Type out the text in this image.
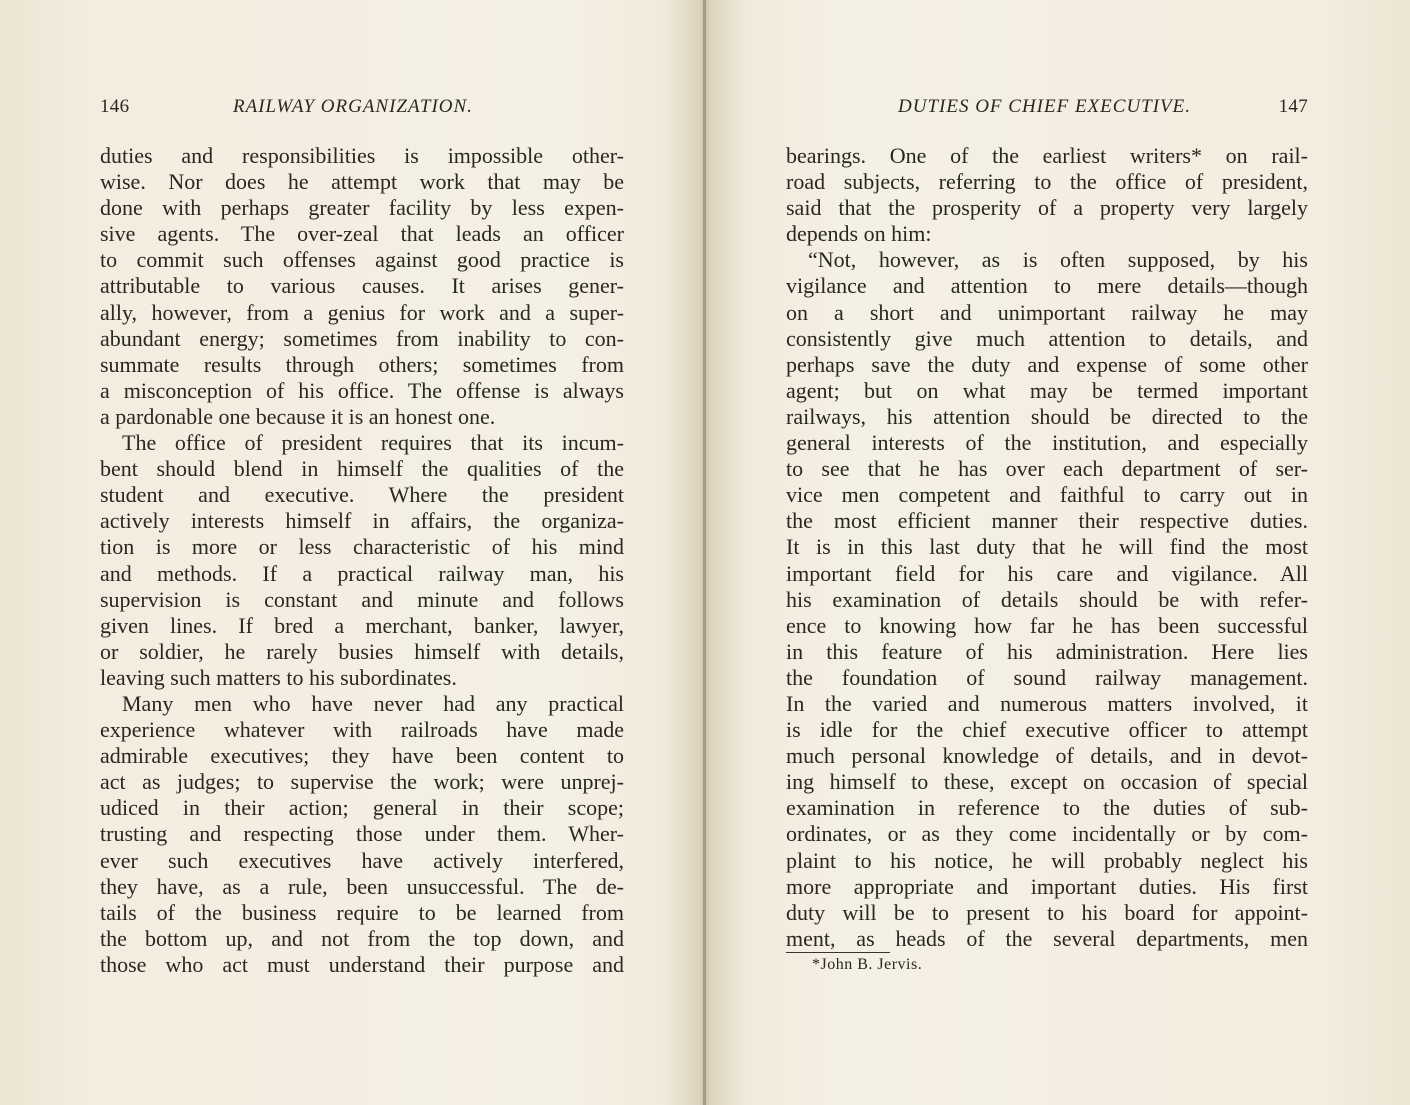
146	RAILWAY ORGANIZATION.
duties and responsibilities is impossible other-
wise. Nor does he attempt work that may be
done with perhaps greater facility by less expen-
sive agents. The over-zeal that leads an officer
to commit such offenses against good practice is
attributable to various causes. It arises gener-
ally, however, from a genius for work and a super-
abundant energy; sometimes from inability to con-
summate results through others; sometimes from
a misconception of his office. The offense is always
a pardonable one because it is an honest one.
The office of president requires that its incum-
bent should blend in himself the qualities of the
student and executive. Where the president
actively interests himself in affairs, the organiza-
tion is more or less characteristic of his mind
and methods. If a practical railway man, his
supervision is constant and minute and follows
given lines. If bred a merchant, banker, lawyer,
or soldier, he rarely busies himself with details,
leaving such matters to his subordinates.
Many men who have never had any practical
experience whatever with railroads have made
admirable executives; they have been content to
act as judges; to supervise the work; were unprej-
udiced in their action; general in their scope;
trusting and respecting those under them. Wher-
ever such executives have actively interfered,
they have, as a rule, been unsuccessful. The de-
tails of the business require to be learned from
the bottom up, and not from the top down, and
those who act must understand their purpose and
DUTIES OF CHIEF EXECUTIVE.	147
bearings. One of the earliest writers* on rail-
road subjects, referring to the office of president,
said that the prosperity of a property very largely
depends on him:
“Not, however, as is often supposed, by his
vigilance and attention to mere details—though
on a short and unimportant railway he may
consistently give much attention to details, and
perhaps save the duty and expense of some other
agent; but on what may be termed important
railways, his attention should be directed to the
general interests of the institution, and especially
to see that he has over each department of ser-
vice men competent and faithful to carry out in
the most efficient manner their respective duties.
It is in this last duty that he will find the most
important field for his care and vigilance. All
his examination of details should be with refer-
ence to knowing how far he has been successful
in this feature of his administration. Here lies
the foundation of sound railway management.
In the varied and numerous matters involved, it
is idle for the chief executive officer to attempt
much personal knowledge of details, and in devot-
ing himself to these, except on occasion of special
examination in reference to the duties of sub-
ordinates, or as they come incidentally or by com-
plaint to his notice, he will probably neglect his
more appropriate and important duties. His first
duty will be to present to his board for appoint-
ment, as heads of the several departments, men
*John B. Jervis.
